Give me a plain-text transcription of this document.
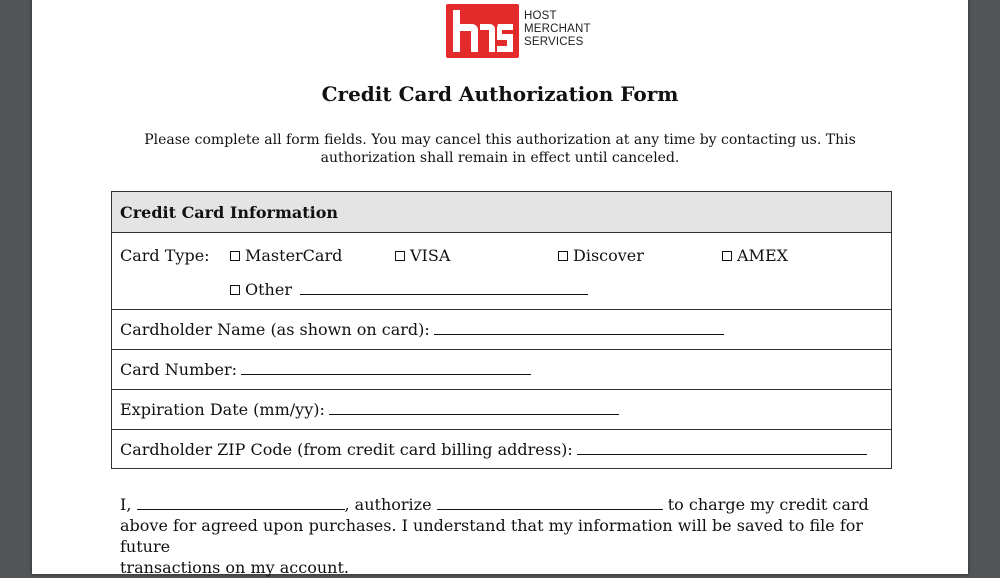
HOST
MERCHANT
SERVICES
Credit Card Authorization Form
Please complete all form fields. You may cancel this authorization at any time by contacting us. This
authorization shall remain in effect until canceled.
Credit Card Information
Card Type:	MasterCard	VISA	Discover	AMEX
Other
Cardholder Name (as shown on card):
Card Number:
Expiration Date (mm/yy):
Cardholder ZIP Code (from credit card billing address):
I,	, authorize	to charge my credit card
above for agreed upon purchases. I understand that my information will be saved to file for future
transactions on my account.
